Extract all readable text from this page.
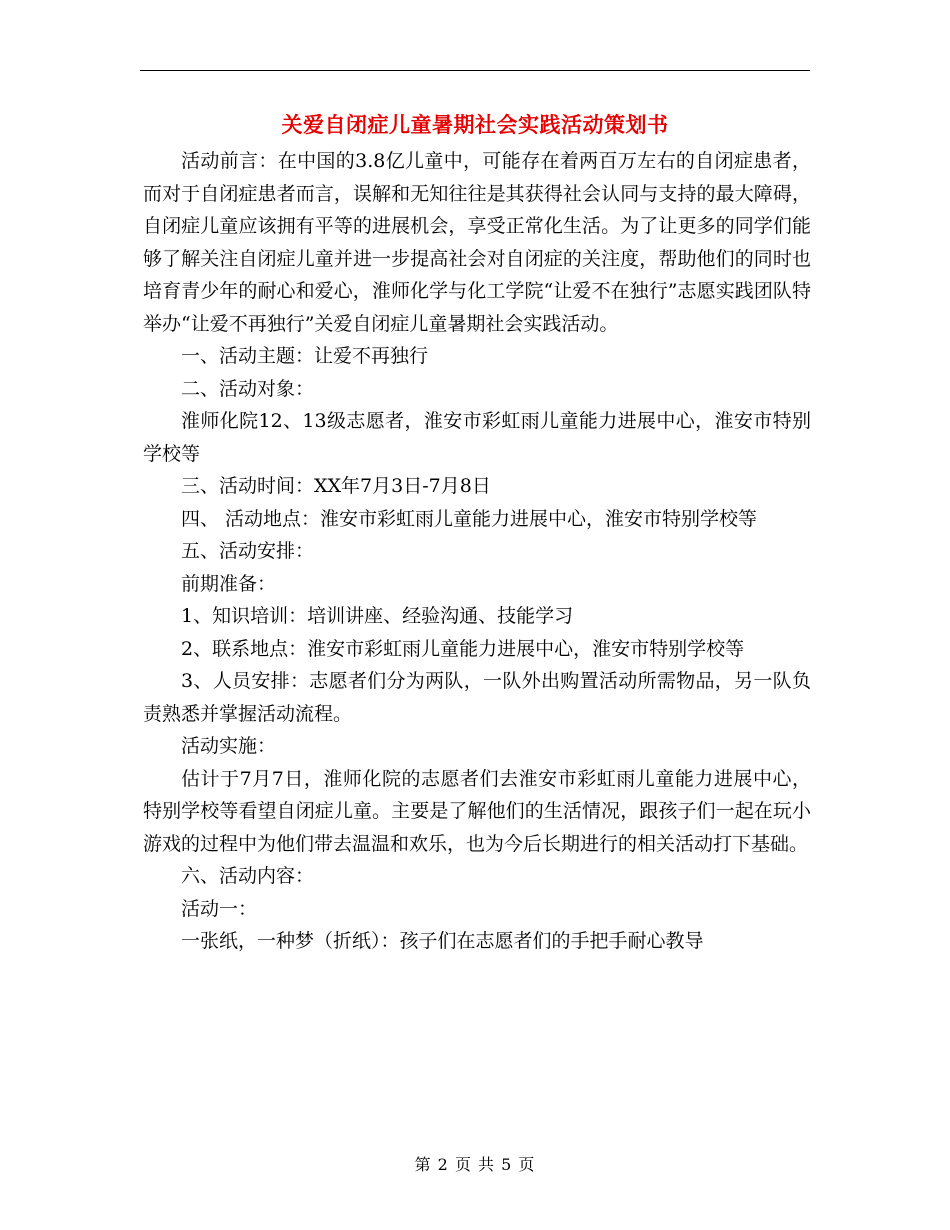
关爱自闭症儿童暑期社会实践活动策划书

活动前言：在中国的3.8亿儿童中，可能存在着两百万左右的自闭症患者，而对于自闭症患者而言，误解和无知往往是其获得社会认同与支持的最大障碍，自闭症儿童应该拥有平等的进展机会，享受正常化生活。为了让更多的同学们能够了解关注自闭症儿童并进一步提高社会对自闭症的关注度，帮助他们的同时也培育青少年的耐心和爱心，淮师化学与化工学院“让爱不在独行”志愿实践团队特举办“让爱不再独行”关爱自闭症儿童暑期社会实践活动。

一、活动主题：让爱不再独行

二、活动对象：

淮师化院12、13级志愿者，淮安市彩虹雨儿童能力进展中心，淮安市特别学校等

三、活动时间：XX年7月3日-7月8日

四、 活动地点：淮安市彩虹雨儿童能力进展中心，淮安市特别学校等

五、活动安排：

前期准备：

1、知识培训：培训讲座、经验沟通、技能学习

2、联系地点：淮安市彩虹雨儿童能力进展中心，淮安市特别学校等

3、人员安排：志愿者们分为两队，一队外出购置活动所需物品，另一队负责熟悉并掌握活动流程。

活动实施：

估计于7月7日，淮师化院的志愿者们去淮安市彩虹雨儿童能力进展中心，特别学校等看望自闭症儿童。主要是了解他们的生活情况，跟孩子们一起在玩小游戏的过程中为他们带去温温和欢乐，也为今后长期进行的相关活动打下基础。

六、活动内容：

活动一：

一张纸，一种梦（折纸）：孩子们在志愿者们的手把手耐心教导

第 2 页 共 5 页
